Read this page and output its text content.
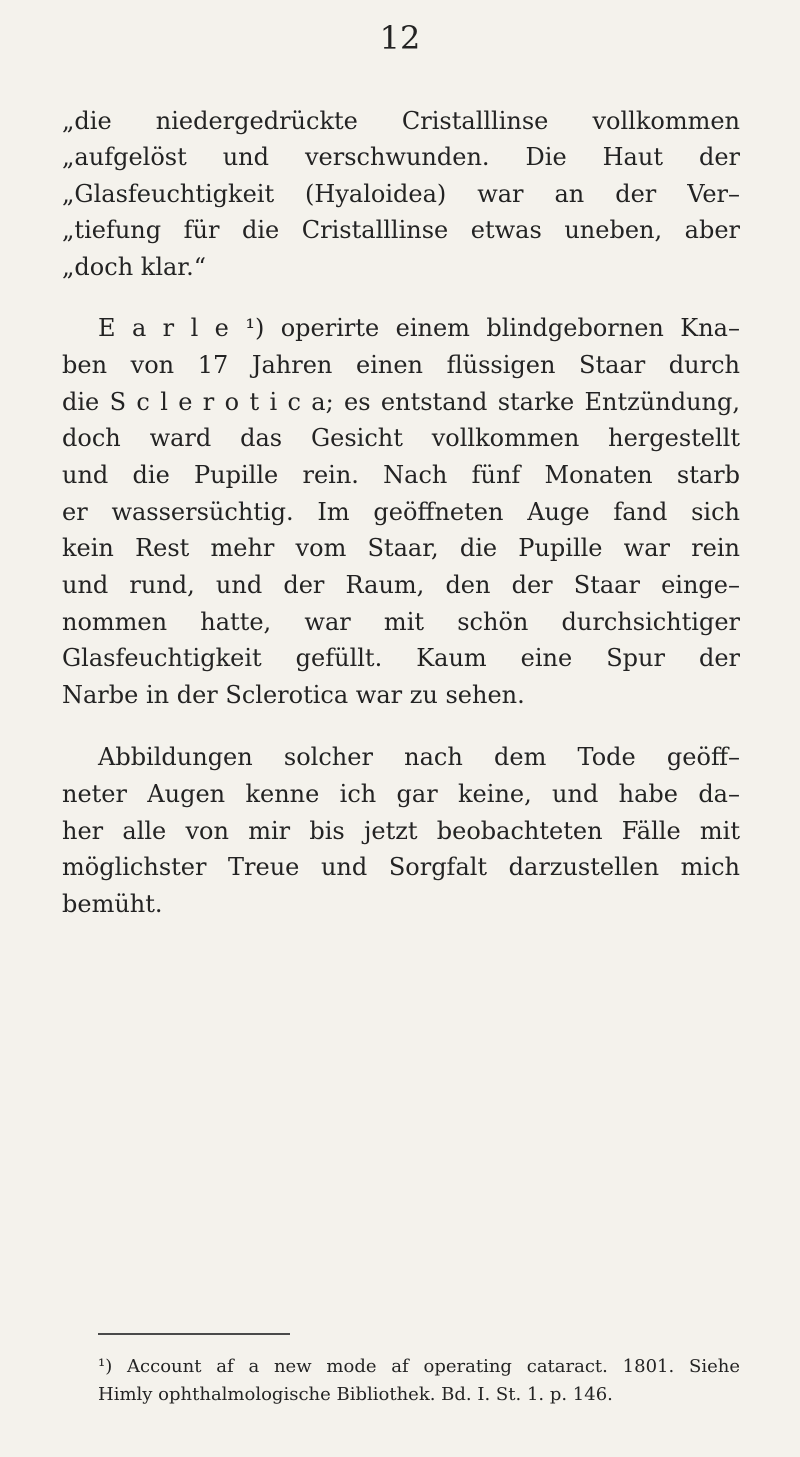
12
„die niedergedrückte Cristalllinse vollkommen
„aufgelöst und verschwunden. Die Haut der
„Glasfeuchtigkeit (Hyaloidea) war an der Ver–
„tiefung für die Cristalllinse etwas uneben, aber
„doch klar.“
E a r l e ¹) operirte einem blindgebornen Kna–
ben von 17 Jahren einen flüssigen Staar durch
die S c l e r o t i c a; es entstand starke Entzündung,
doch ward das Gesicht vollkommen hergestellt
und die Pupille rein. Nach fünf Monaten starb
er wassersüchtig. Im geöffneten Auge fand sich
kein Rest mehr vom Staar, die Pupille war rein
und rund, und der Raum, den der Staar einge–
nommen hatte, war mit schön durchsichtiger
Glasfeuchtigkeit gefüllt. Kaum eine Spur der
Narbe in der Sclerotica war zu sehen.
Abbildungen solcher nach dem Tode geöff–
neter Augen kenne ich gar keine, und habe da–
her alle von mir bis jetzt beobachteten Fälle mit
möglichster Treue und Sorgfalt darzustellen mich
bemüht.
¹) Account af a new mode af operating cataract. 1801. Siehe
Himly ophthalmologische Bibliothek. Bd. I. St. 1. p. 146.
